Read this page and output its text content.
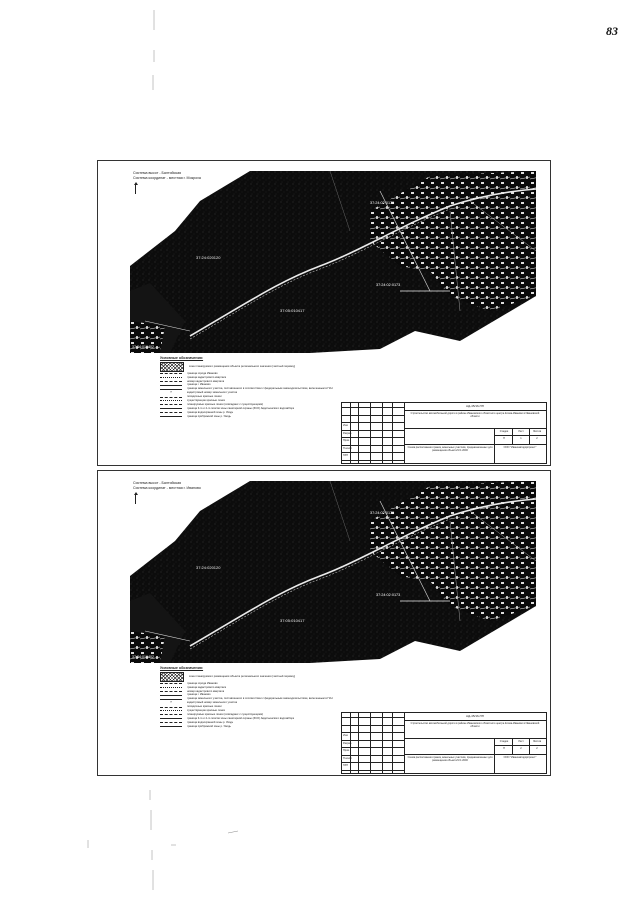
83
37:24:020120
37:05:010417
37:24:02:0175
37:24:02:0173
37:24:010402
Система высот - Балтийская
Система координат - местная г. Мокроха
Условные обозначения:
зона планируемого размещения объекта регионального значения (частный перевод)
граница города Иваново
граница кадастрового квартала
номер кадастрового квартала
граница г. Иваново
граница земельного участка, поставленного в соответствии с федеральным законодательством, включенным в ГКН
?	кадастровый номер земельного участка
посадочные красные линии
существующие красные линии
планируемые красные линии (совпадают с существующими)
граница 3-го и 4-го поясов зоны санитарной охраны (ЗСО) Авдотьинского водозабора
граница водоохранной зоны р. Уводь
граница прибрежной зоны р. Уводь
Изм.
Разраб.
Пров.
Н.контр
ГИП
АД-45/16-ПП
Строительство автомобильной дороги в районе Ивановского областного центра Кохма-Иваново в Ивановской области
Стадия	Лист	Листов
П	1	2
Схема расположения границ земельных участков, предназначенных для размещения объекта М 1:2000
ООО "Иваноавтодорпроект"
37:24:020120
37:05:010417
37:24:02:0175
37:24:02:0173
37:24:010402
Система высот - Балтийская
Система координат - местная г. Иваново
Условные обозначения:
зона планируемого размещения объекта регионального значения (частный перевод)
граница города Иваново
граница кадастрового квартала
номер кадастрового квартала
граница г. Иваново
граница земельного участка, поставленного в соответствии с федеральным законодательством, включенным в ГКН
?	кадастровый номер земельного участка
посадочные красные линии
существующие красные линии
планируемые красные линии (совпадают с существующими)
граница 3-го и 4-го поясов зоны санитарной охраны (ЗСО) Авдотьинского водозабора
граница водоохранной зоны р. Уводь
граница прибрежной зоны р. Уводь
Изм.
Разраб.
Пров.
Н.контр
ГИП
АД-45/16-ПП
Строительство автомобильной дороги в районе Ивановского областного центра Кохма-Иваново в Ивановской области
Стадия	Лист	Листов
П	2	2
Схема расположения границ земельных участков, предназначенных для размещения объекта М 1:2000
ООО "Иваноавтодорпроект"
